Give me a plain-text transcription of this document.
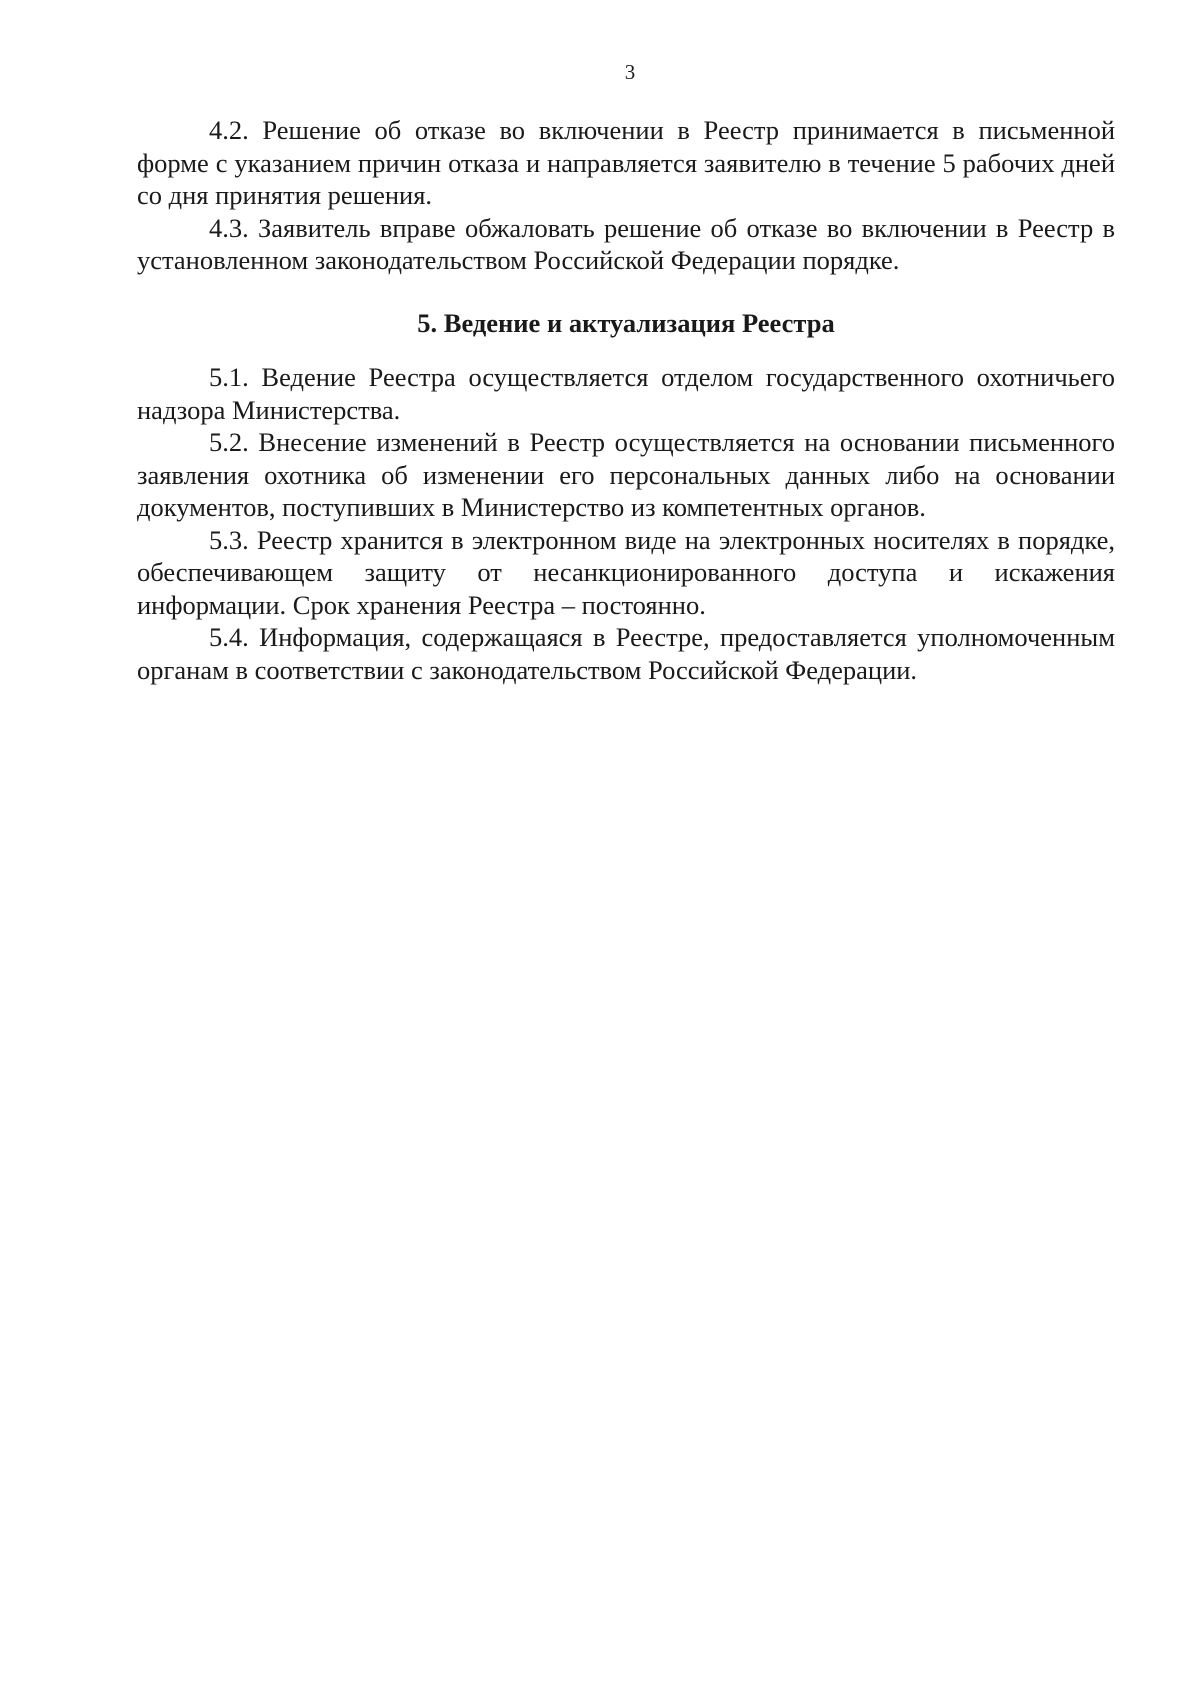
3

4.2. Решение об отказе во включении в Реестр принимается в письменной форме с указанием причин отказа и направляется заявителю в течение 5 рабочих дней со дня принятия решения.

4.3. Заявитель вправе обжаловать решение об отказе во включении в Реестр в установленном законодательством Российской Федерации порядке.

5. Ведение и актуализация Реестра

5.1. Ведение Реестра осуществляется отделом государственного охотничьего надзора Министерства.

5.2. Внесение изменений в Реестр осуществляется на основании письменного заявления охотника об изменении его персональных данных либо на основании документов, поступивших в Министерство из компетентных органов.

5.3. Реестр хранится в электронном виде на электронных носителях в порядке, обеспечивающем защиту от несанкционированного доступа и искажения информации. Срок хранения Реестра – постоянно.

5.4. Информация, содержащаяся в Реестре, предоставляется уполномоченным органам в соответствии с законодательством Российской Федерации.
